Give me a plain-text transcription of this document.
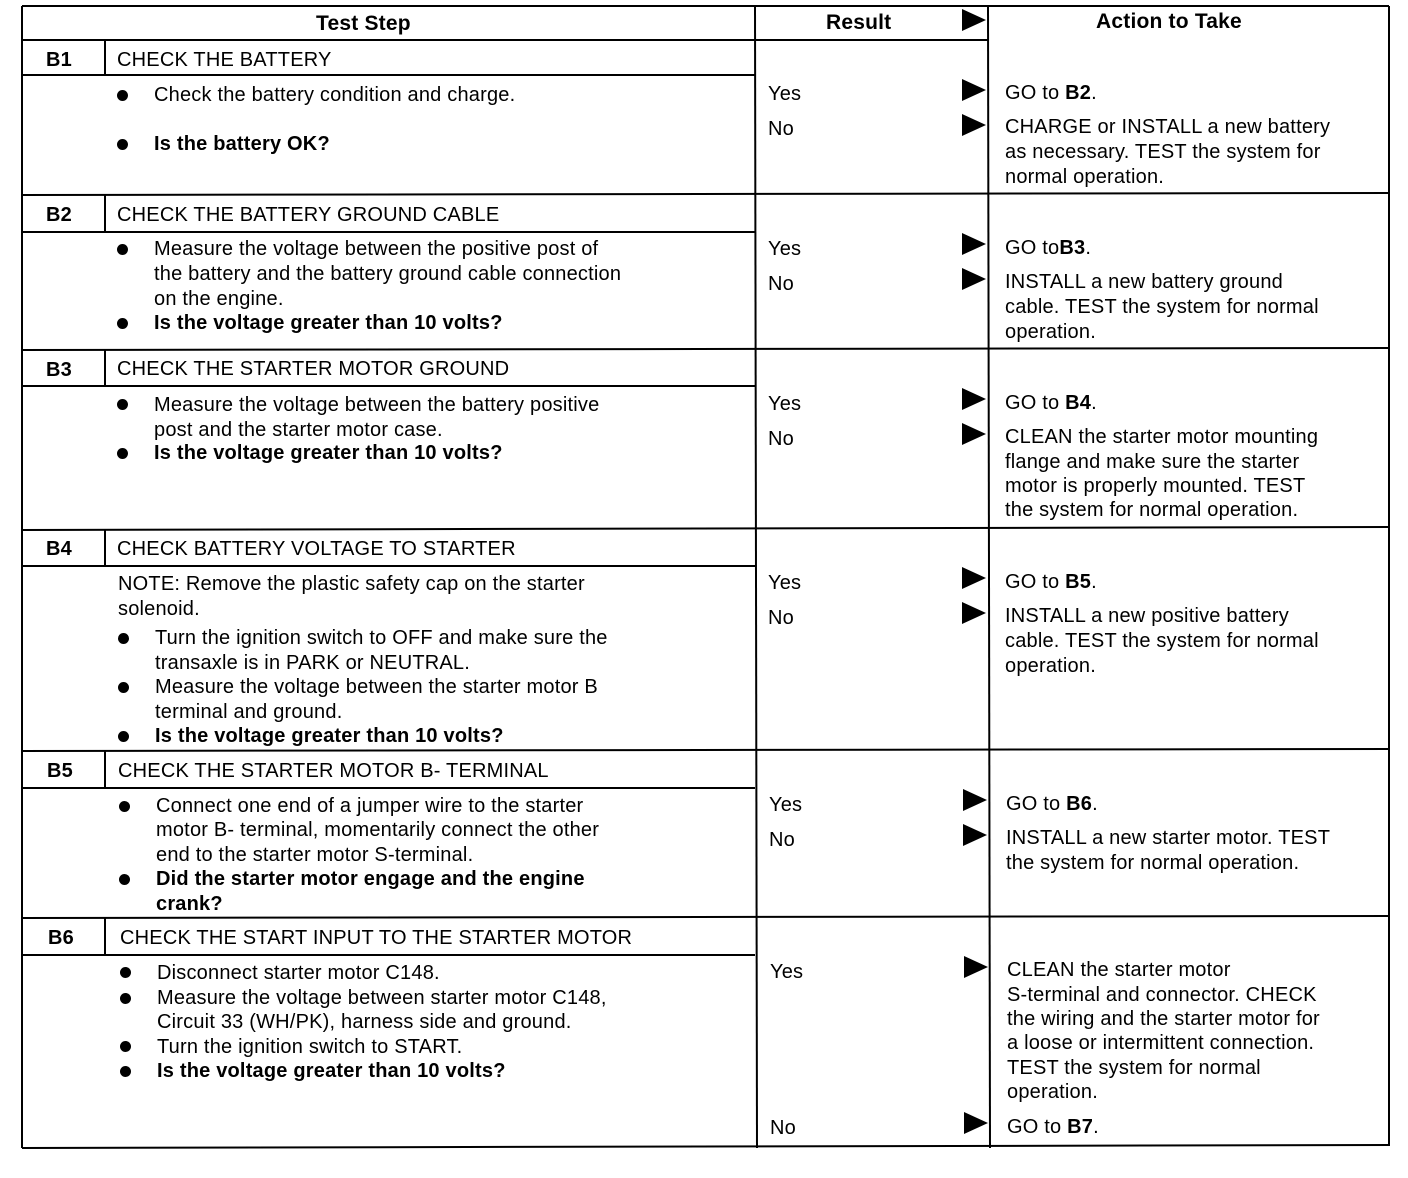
Test Step	Result	Action to Take
B1 CHECK THE BATTERY
Check the battery condition and charge.
Is the battery OK?
Yes	GO to B2.
No	CHARGE or INSTALL a new battery
as necessary. TEST the system for
normal operation.
B2 CHECK THE BATTERY GROUND CABLE
Measure the voltage between the positive post of
the battery and the battery ground cable connection
on the engine.
Is the voltage greater than 10 volts?
Yes	GO toB3.
No	INSTALL a new battery ground
cable. TEST the system for normal
operation.
B3 CHECK THE STARTER MOTOR GROUND
Measure the voltage between the battery positive
post and the starter motor case.
Is the voltage greater than 10 volts?
Yes	GO to B4.
No	CLEAN the starter motor mounting
flange and make sure the starter
motor is properly mounted. TEST
the system for normal operation.
B4 CHECK BATTERY VOLTAGE TO STARTER
NOTE: Remove the plastic safety cap on the starter
solenoid.
Turn the ignition switch to OFF and make sure the
transaxle is in PARK or NEUTRAL.
Measure the voltage between the starter motor B
terminal and ground.
Is the voltage greater than 10 volts?
Yes	GO to B5.
No	INSTALL a new positive battery
cable. TEST the system for normal
operation.
B5 CHECK THE STARTER MOTOR B- TERMINAL
Connect one end of a jumper wire to the starter
motor B- terminal, momentarily connect the other
end to the starter motor S-terminal.
Did the starter motor engage and the engine
crank?
Yes	GO to B6.
No	INSTALL a new starter motor. TEST
the system for normal operation.
B6 CHECK THE START INPUT TO THE STARTER MOTOR
Disconnect starter motor C148.
Measure the voltage between starter motor C148,
Circuit 33 (WH/PK), harness side and ground.
Turn the ignition switch to START.
Is the voltage greater than 10 volts?
Yes	CLEAN the starter motor
S-terminal and connector. CHECK
the wiring and the starter motor for
a loose or intermittent connection.
TEST the system for normal
operation.
No	GO to B7.
